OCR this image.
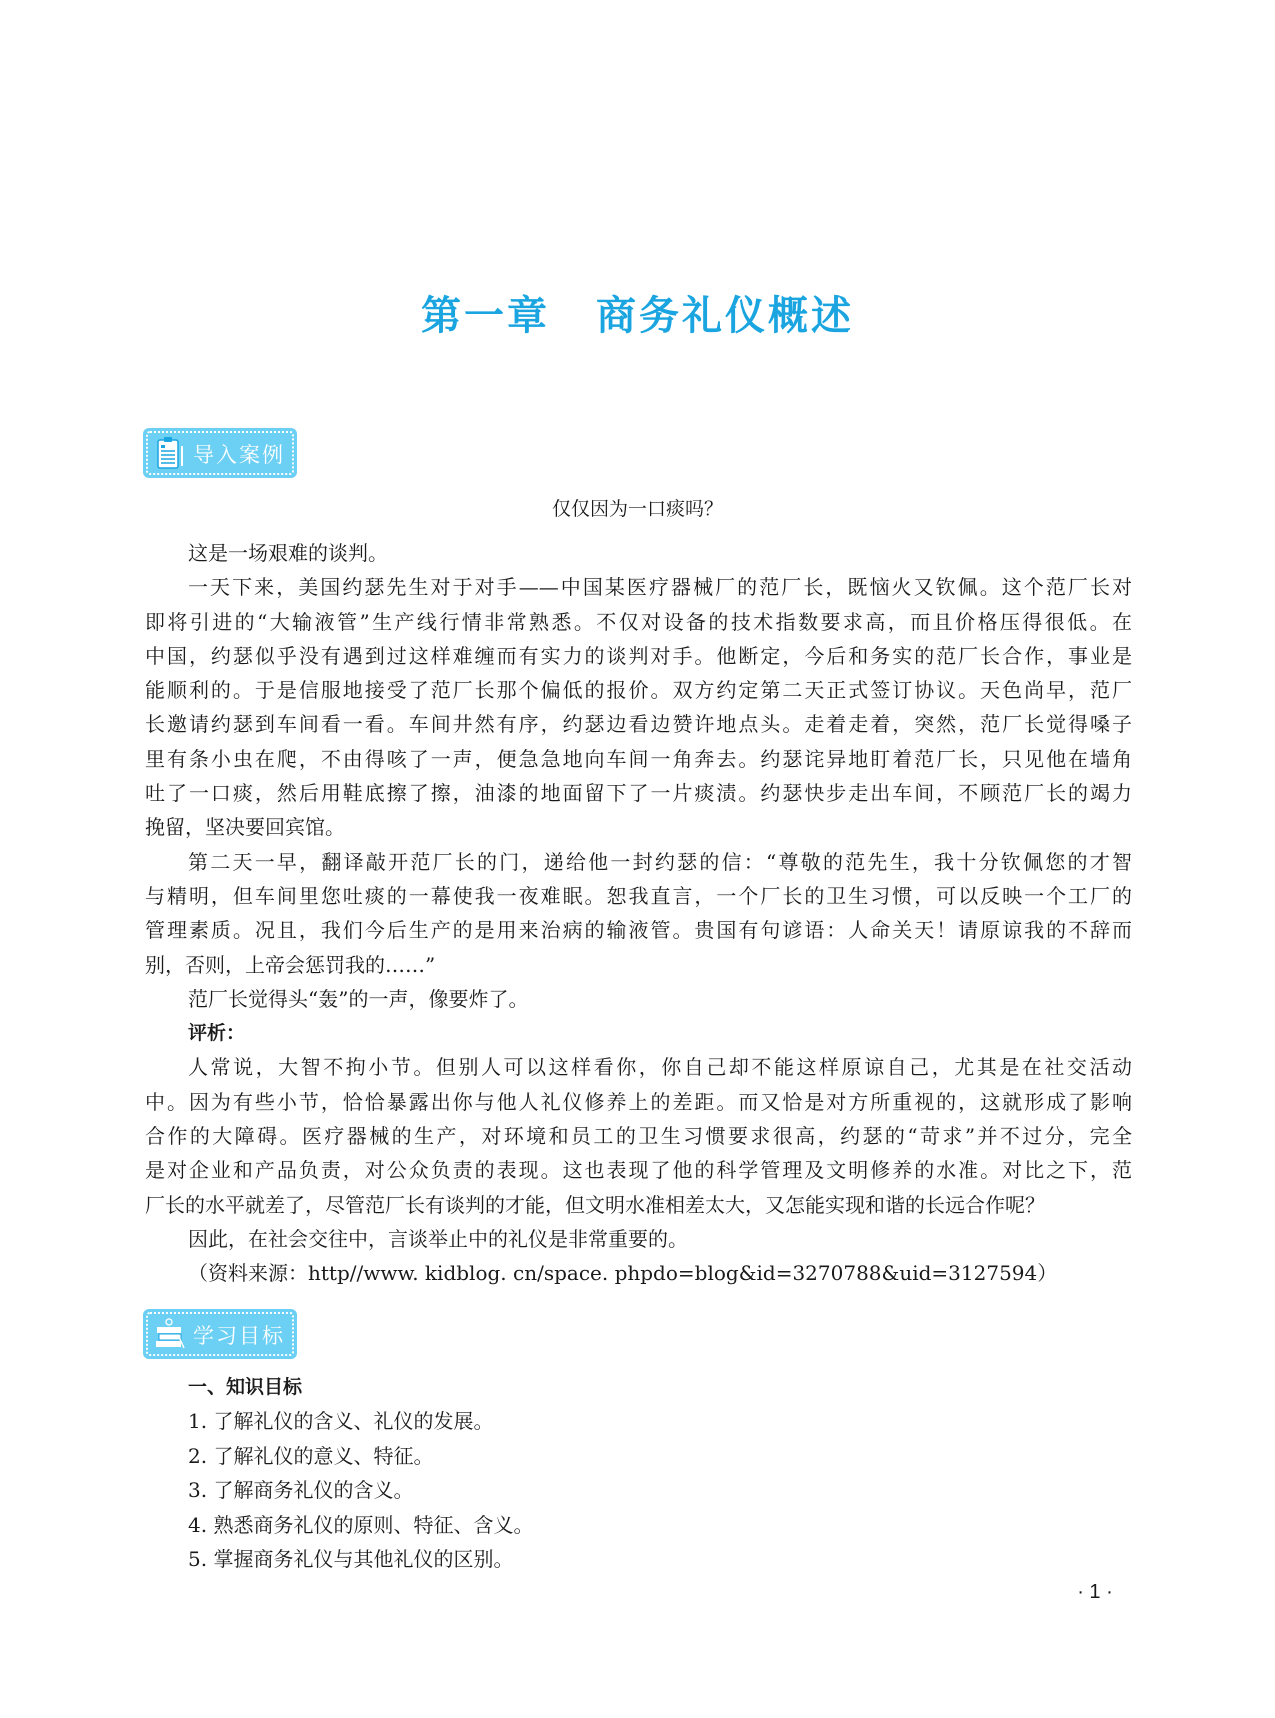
第一章 商务礼仪概述
导入案例
仅仅因为一口痰吗？
这是一场艰难的谈判。
一天下来，美国约瑟先生对于对手——中国某医疗器械厂的范厂长，既恼火又钦佩。这个范厂长对
即将引进的“大输液管”生产线行情非常熟悉。不仅对设备的技术指数要求高，而且价格压得很低。在
中国，约瑟似乎没有遇到过这样难缠而有实力的谈判对手。他断定，今后和务实的范厂长合作，事业是
能顺利的。于是信服地接受了范厂长那个偏低的报价。双方约定第二天正式签订协议。天色尚早，范厂
长邀请约瑟到车间看一看。车间井然有序，约瑟边看边赞许地点头。走着走着，突然，范厂长觉得嗓子
里有条小虫在爬，不由得咳了一声，便急急地向车间一角奔去。约瑟诧异地盯着范厂长，只见他在墙角
吐了一口痰，然后用鞋底擦了擦，油漆的地面留下了一片痰渍。约瑟快步走出车间，不顾范厂长的竭力
挽留，坚决要回宾馆。
第二天一早，翻译敲开范厂长的门，递给他一封约瑟的信：“尊敬的范先生，我十分钦佩您的才智
与精明，但车间里您吐痰的一幕使我一夜难眠。恕我直言，一个厂长的卫生习惯，可以反映一个工厂的
管理素质。况且，我们今后生产的是用来治病的输液管。贵国有句谚语：人命关天！请原谅我的不辞而
别，否则，上帝会惩罚我的……”
范厂长觉得头“轰”的一声，像要炸了。
评析：
人常说，大智不拘小节。但别人可以这样看你，你自己却不能这样原谅自己，尤其是在社交活动
中。因为有些小节，恰恰暴露出你与他人礼仪修养上的差距。而又恰是对方所重视的，这就形成了影响
合作的大障碍。医疗器械的生产，对环境和员工的卫生习惯要求很高，约瑟的“苛求”并不过分，完全
是对企业和产品负责，对公众负责的表现。这也表现了他的科学管理及文明修养的水准。对比之下，范
厂长的水平就差了，尽管范厂长有谈判的才能，但文明水准相差太大，又怎能实现和谐的长远合作呢？
因此，在社会交往中，言谈举止中的礼仪是非常重要的。
（资料来源：http//www. kidblog. cn/space. phpdo=blog&id=3270788&uid=3127594）
学习目标
一、知识目标
1. 了解礼仪的含义、礼仪的发展。
2. 了解礼仪的意义、特征。
3. 了解商务礼仪的含义。
4. 熟悉商务礼仪的原则、特征、含义。
5. 掌握商务礼仪与其他礼仪的区别。
· 1 ·
